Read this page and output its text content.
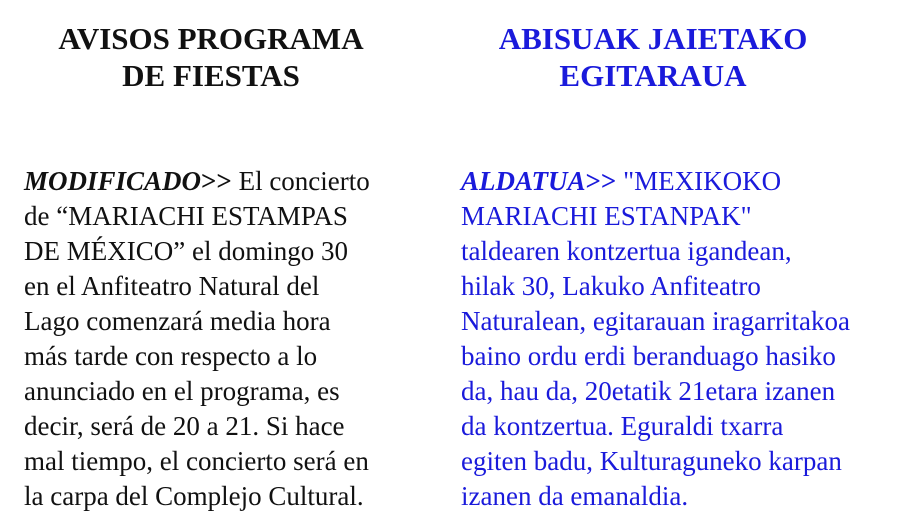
AVISOS PROGRAMA
DE FIESTAS

MODIFICADO>> El concierto
de “MARIACHI ESTAMPAS
DE MÉXICO” el domingo 30
en el Anfiteatro Natural del
Lago comenzará media hora
más tarde con respecto a lo
anunciado en el programa, es
decir, será de 20 a 21. Si hace
mal tiempo, el concierto será en
la carpa del Complejo Cultural.

ABISUAK JAIETAKO
EGITARAUA

ALDATUA>> "MEXIKOKO
MARIACHI ESTANPAK"
taldearen kontzertua igandean,
hilak 30, Lakuko Anfiteatro
Naturalean, egitarauan iragarritakoa
baino ordu erdi beranduago hasiko
da, hau da, 20etatik 21etara izanen
da kontzertua. Eguraldi txarra
egiten badu, Kulturaguneko karpan
izanen da emanaldia.
